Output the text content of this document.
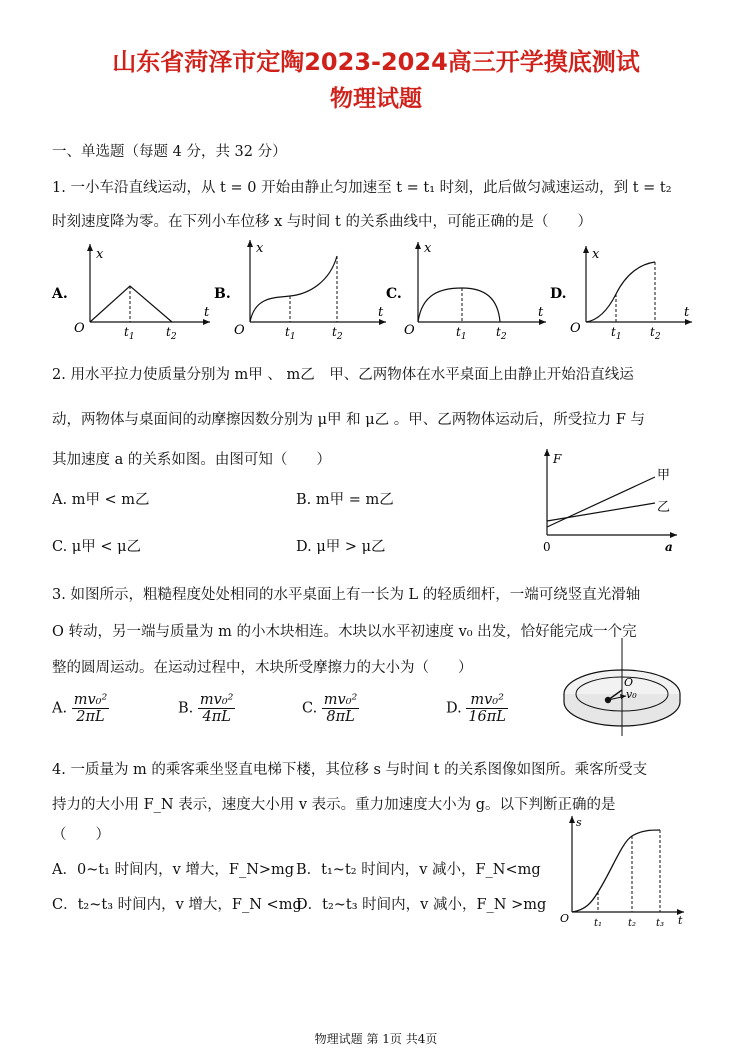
山东省菏泽市定陶2023-2024高三开学摸底测试
物理试题
一、单选题（每题 4 分，共 32 分）
1. 一小车沿直线运动，从 t = 0 开始由静止匀加速至 t = t₁ 时刻，此后做匀减速运动，到 t = t₂
时刻速度降为零。在下列小车位移 x 与时间 t 的关系曲线中，可能正确的是（　　）
A.
x
t
O	$t_1$	$t_2$
B.
x
t
O	$t_1$	$t_2$
C.
x
t
O	$t_1$ $t_2$
D.
x
t
O	$t_1$ $t_2$
2. 用水平拉力使质量分别为 m甲 、 m乙　甲、乙两物体在水平桌面上由静止开始沿直线运
动，两物体与桌面间的动摩擦因数分别为 μ甲 和 μ乙 。甲、乙两物体运动后，所受拉力 F 与
其加速度 a 的关系如图。由图可知（　　）
A. m甲 < m乙	B. m甲 = m乙
C. μ甲 < μ乙	D. μ甲 > μ乙
F
0	a
甲
乙
3. 如图所示，粗糙程度处处相同的水平桌面上有一长为 L 的轻质细杆，一端可绕竖直光滑轴
O 转动，另一端与质量为 m 的小木块相连。木块以水平初速度 v₀ 出发，恰好能完成一个完
整的圆周运动。在运动过程中，木块所受摩擦力的大小为（　　）
A. $\frac{\text{mv₀²}}{2\pi L}$	B. $\frac{\text{mv₀²}}{4\pi L}$	C. $\frac{\text{mv₀²}}{8\pi L}$	D. $\frac{\text{mv₀²}}{16\pi L}$
O
v₀
4. 一质量为 m 的乘客乘坐竖直电梯下楼，其位移 s 与时间 t 的关系图像如图所。乘客所受支
持力的大小用 F_N 表示，速度大小用 v 表示。重力加速度大小为 g。以下判断正确的是
（　　）
A．0~t₁ 时间内，v 增大，F_N>mg B．t₁~t₂ 时间内，v 减小，F_N<mg
C．t₂~t₃ 时间内，v 增大，F_N <mg
D．t₂~t₃ 时间内，v 减小，F_N >mg
s
t
O t₁	t₂ t₃
物理试题 第 1页 共4页
